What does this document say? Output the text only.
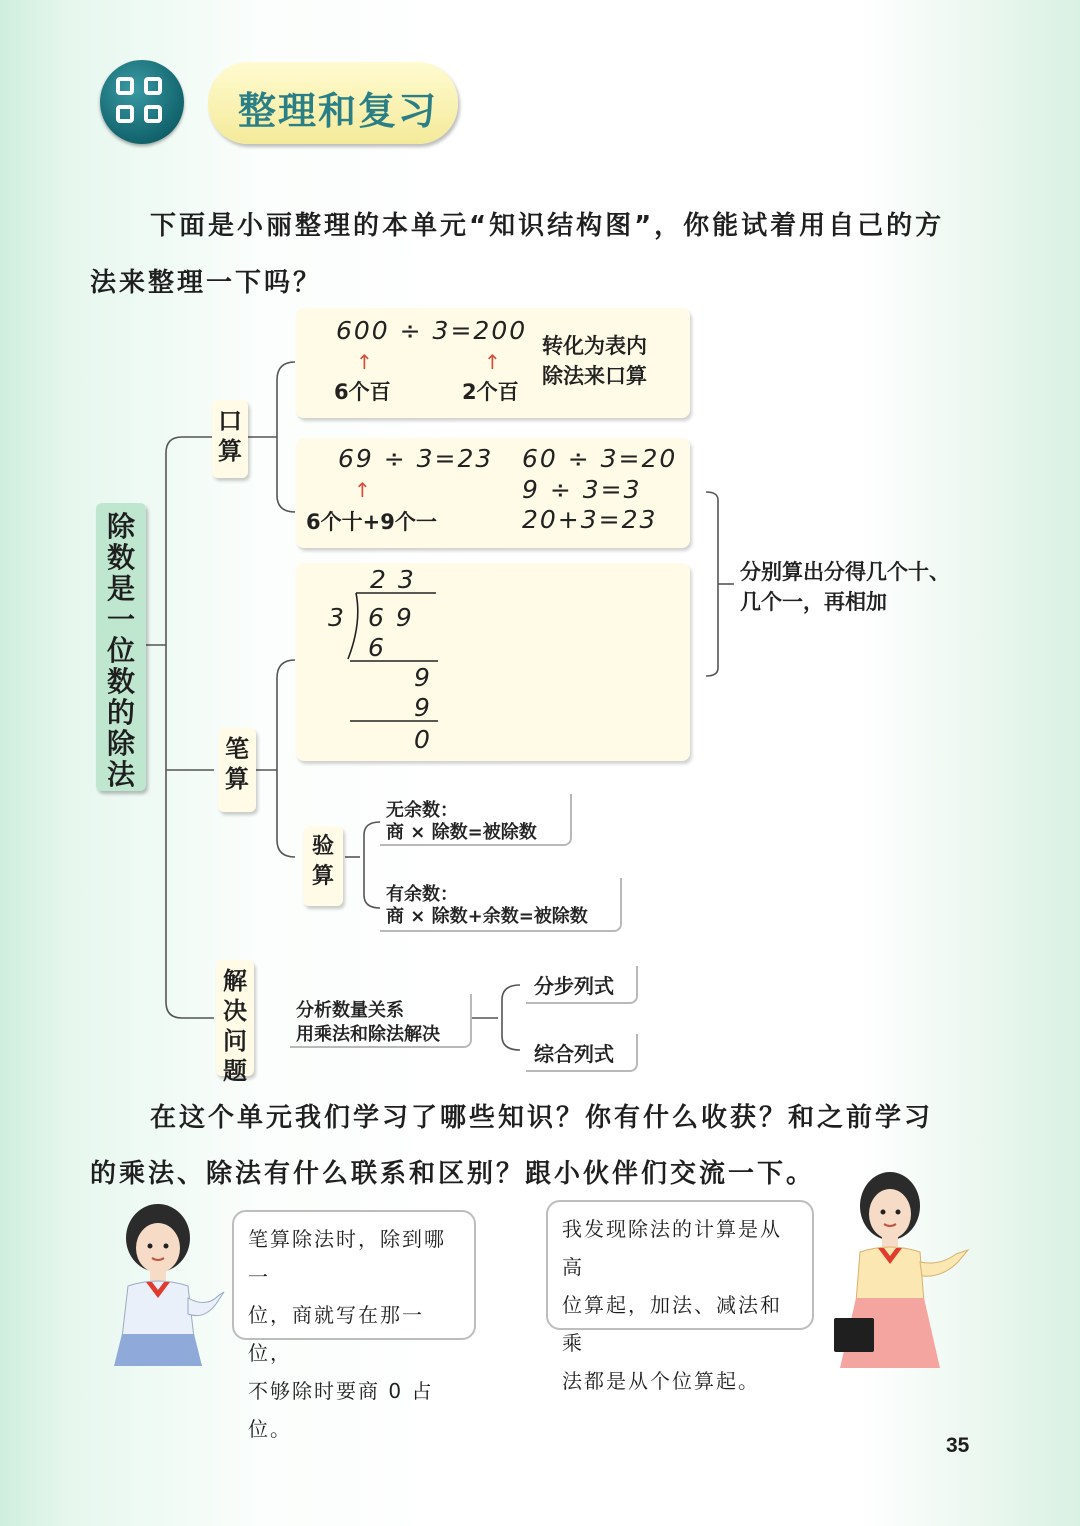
整理和复习
下面是小丽整理的本单元“知识结构图”，你能试着用自己的方
法来整理一下吗？
除数是一位数的除法
口算
笔算
解决问题
600 ÷ 3=200
↑	↑
6个百	2个百
转化为表内
除法来口算
69 ÷ 3=23
↑
6个十+9个一
60 ÷ 3=20
9 ÷ 3=3
20+3=23
分别算出分得几个十、
几个一，再相加
2 3
3 6 9
6
9
9
0
验算
无余数：
商 × 除数=被除数
有余数：
商 × 除数+余数=被除数
分析数量关系
用乘法和除法解决
分步列式
综合列式
在这个单元我们学习了哪些知识？你有什么收获？和之前学习
的乘法、除法有什么联系和区别？跟小伙伴们交流一下。
笔算除法时，除到哪一
位，商就写在那一位，
不够除时要商 0 占位。
我发现除法的计算是从高
位算起，加法、减法和乘
法都是从个位算起。
35
